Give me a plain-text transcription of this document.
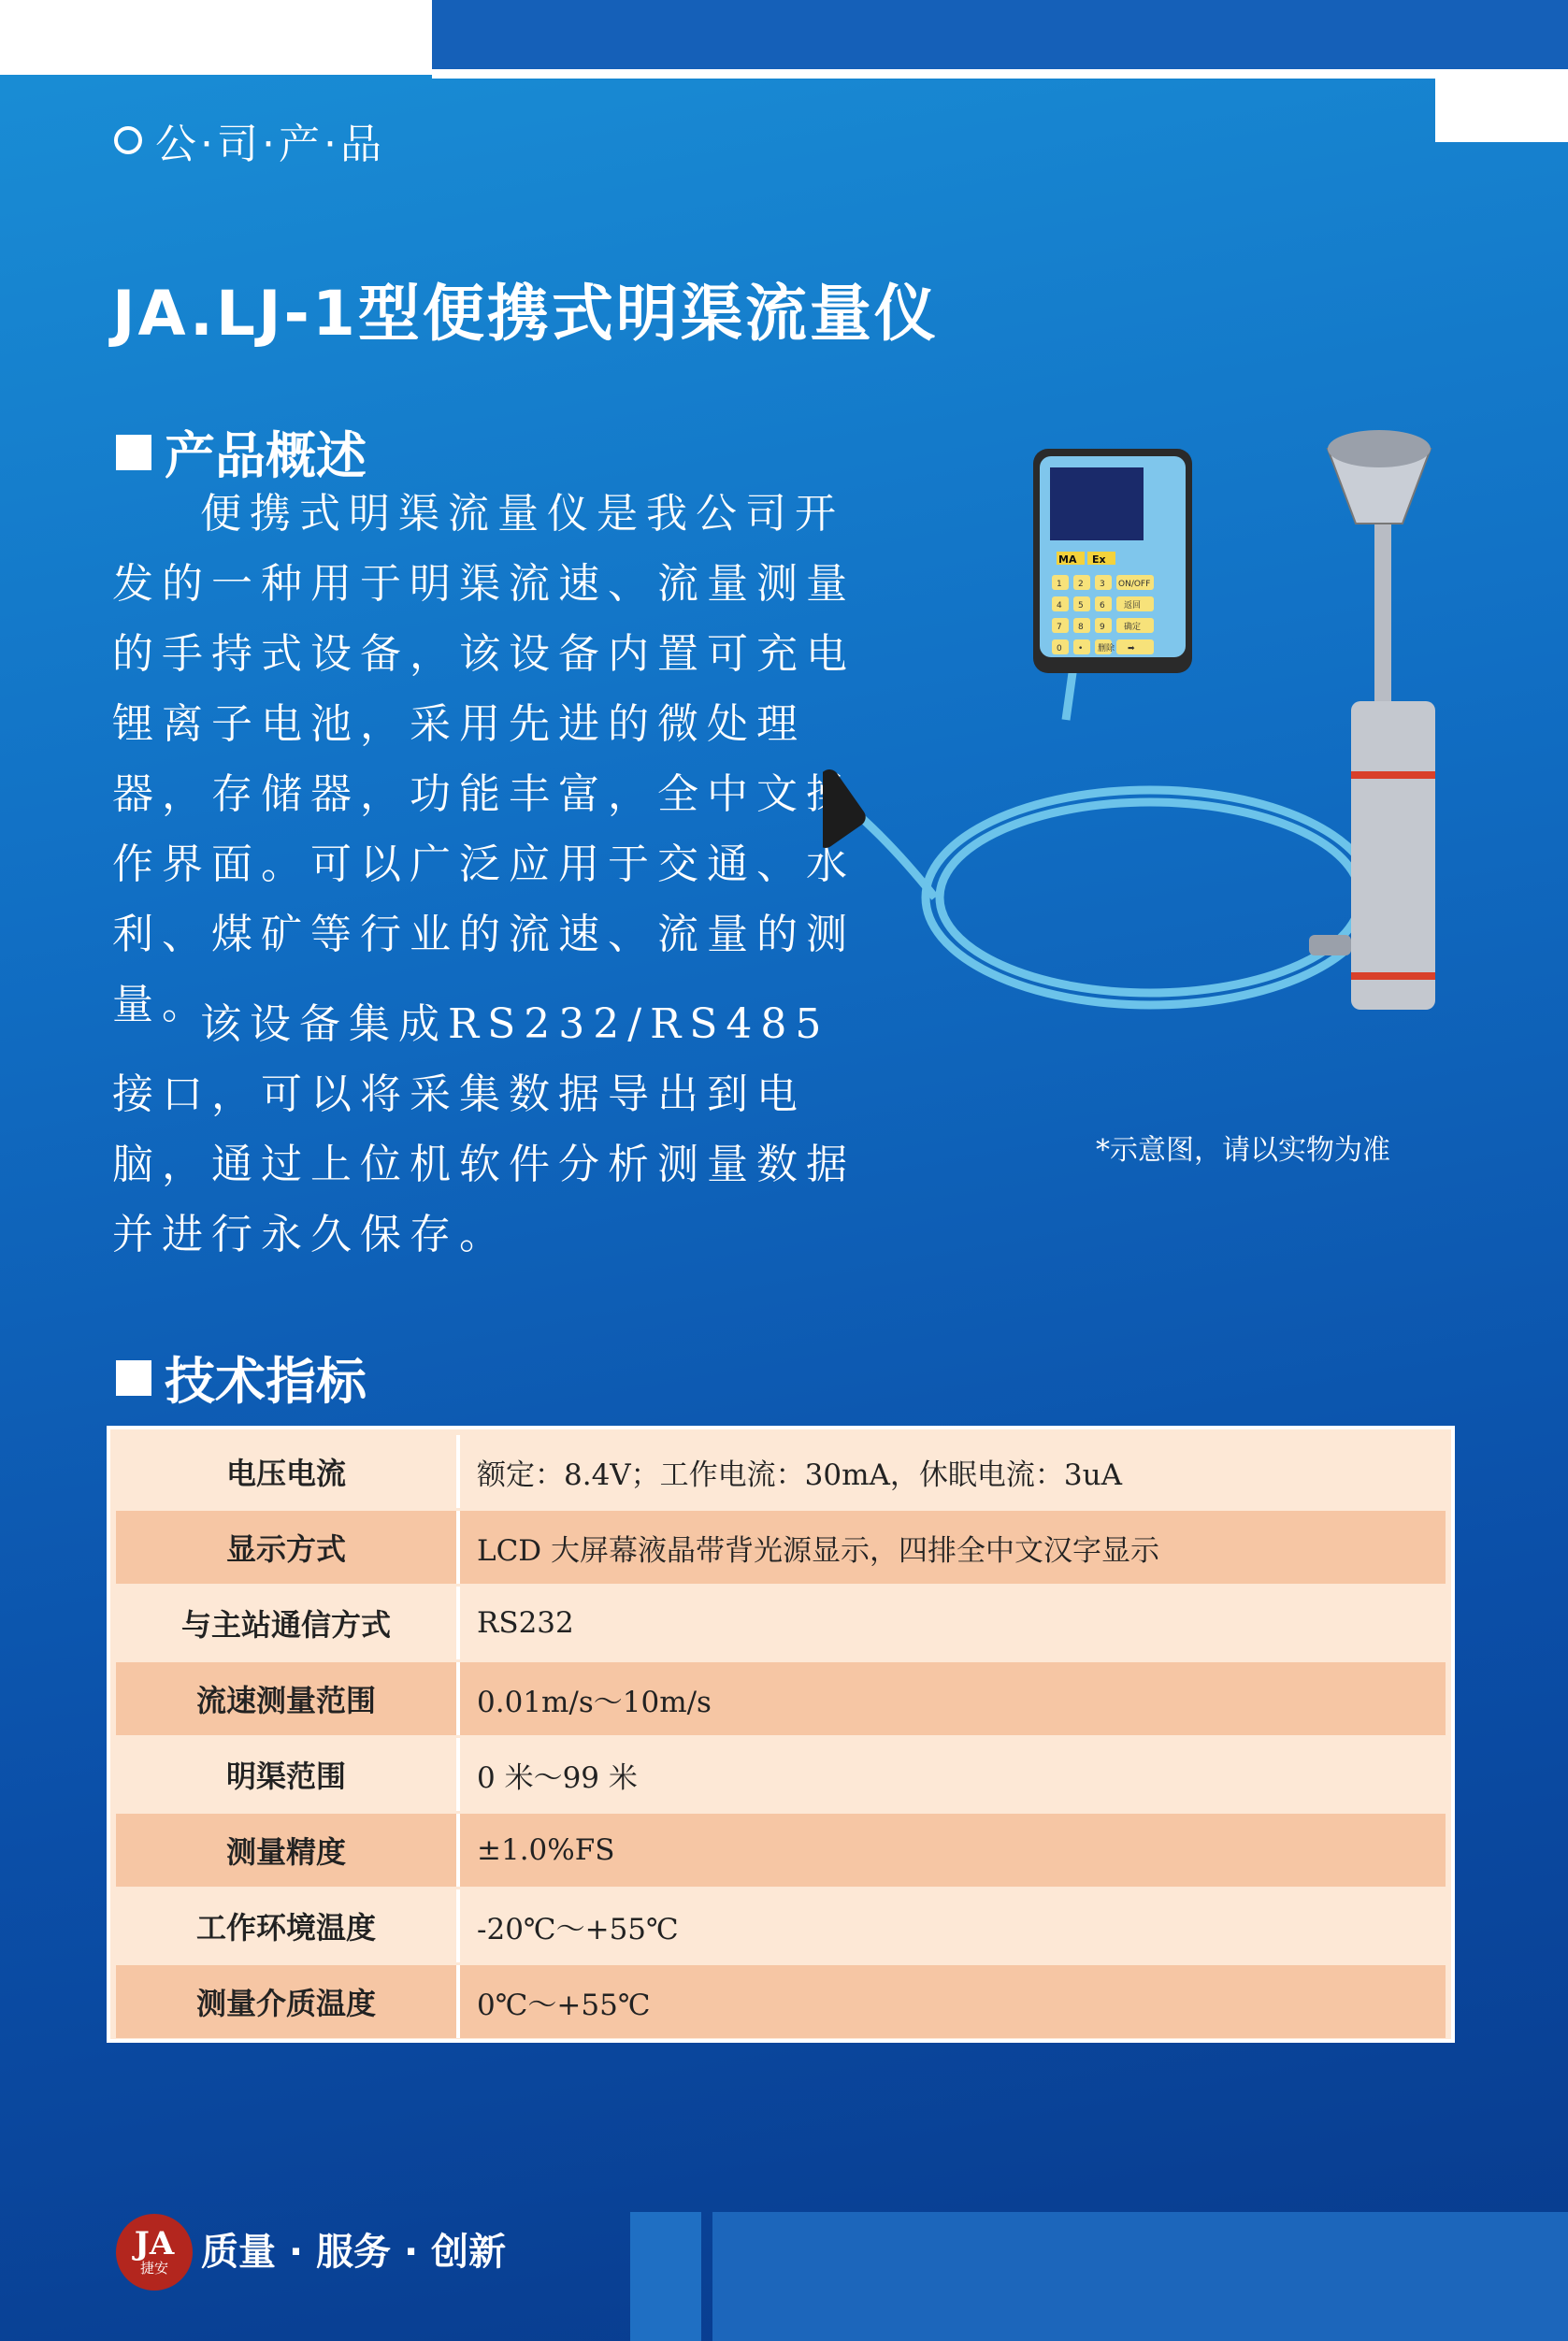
公·司·产·品
JA.LJ-1型便携式明渠流量仪
产品概述

便携式明渠流量仪是我公司开发的一种用于明渠流速、流量测量的手持式设备，该设备内置可充电锂离子电池，采用先进的微处理器，存储器，功能丰富，全中文操作界面。可以广泛应用于交通、水利、煤矿等行业的流速、流量的测量。

该设备集成RS232/RS485接口，可以将采集数据导出到电脑，通过上位机软件分析测量数据并进行永久保存。

MA Ex
1 2 3 ON/OFF
4 5 6 返回
7 8 9 确定
0 • 删除 ➡
*示意图，请以实物为准
技术指标
电压电流	额定：8.4V；工作电流：30mA，休眠电流：3uA
显示方式	LCD 大屏幕液晶带背光源显示，四排全中文汉字显示
与主站通信方式	RS232
流速测量范围	0.01m/s～10m/s
明渠范围	0 米～99 米
测量精度	±1.0%FS
工作环境温度	-20℃～+55℃
测量介质温度	0℃～+55℃
JA
捷安 质量 · 服务 · 创新
